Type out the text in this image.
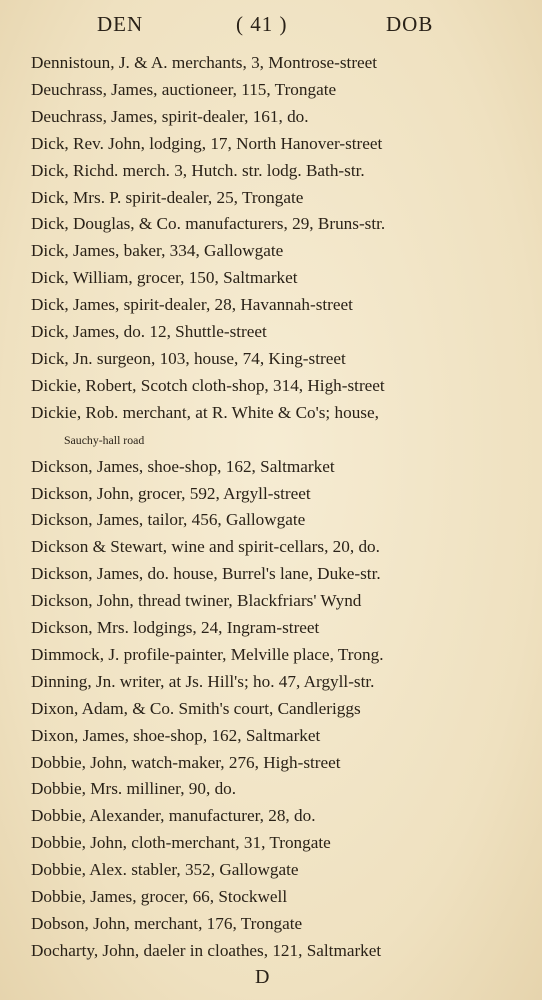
DEN	( 41 )	DOB
Dennistoun, J. & A. merchants, 3, Montrose-street
Deuchrass, James, auctioneer, 115, Trongate
Deuchrass, James, spirit-dealer, 161, do.
Dick, Rev. John, lodging, 17, North Hanover-street
Dick, Richd. merch. 3, Hutch. str. lodg. Bath-str.
Dick, Mrs. P. spirit-dealer, 25, Trongate
Dick, Douglas, & Co. manufacturers, 29, Bruns-str.
Dick, James, baker, 334, Gallowgate
Dick, William, grocer, 150, Saltmarket
Dick, James, spirit-dealer, 28, Havannah-street
Dick, James, do. 12, Shuttle-street
Dick, Jn. surgeon, 103, house, 74, King-street
Dickie, Robert, Scotch cloth-shop, 314, High-street
Dickie, Rob. merchant, at R. White & Co's; house,
Sauchy-hall road
Dickson, James, shoe-shop, 162, Saltmarket
Dickson, John, grocer, 592, Argyll-street
Dickson, James, tailor, 456, Gallowgate
Dickson & Stewart, wine and spirit-cellars, 20, do.
Dickson, James, do. house, Burrel's lane, Duke-str.
Dickson, John, thread twiner, Blackfriars' Wynd
Dickson, Mrs. lodgings, 24, Ingram-street
Dimmock, J. profile-painter, Melville place, Trong.
Dinning, Jn. writer, at Js. Hill's; ho. 47, Argyll-str.
Dixon, Adam, & Co. Smith's court, Candleriggs
Dixon, James, shoe-shop, 162, Saltmarket
Dobbie, John, watch-maker, 276, High-street
Dobbie, Mrs. milliner, 90, do.
Dobbie, Alexander, manufacturer, 28, do.
Dobbie, John, cloth-merchant, 31, Trongate
Dobbie, Alex. stabler, 352, Gallowgate
Dobbie, James, grocer, 66, Stockwell
Dobson, John, merchant, 176, Trongate
Docharty, John, daeler in cloathes, 121, Saltmarket
D
